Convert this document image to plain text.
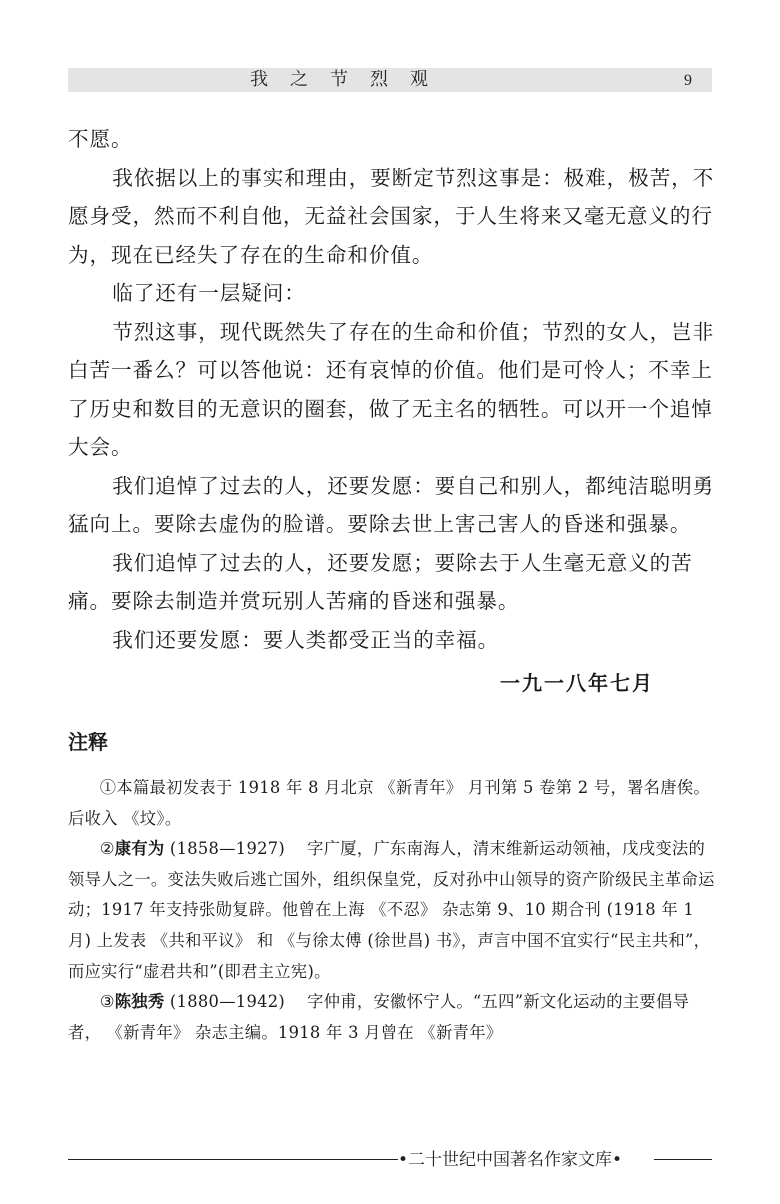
我之节烈观	9

不愿。

我依据以上的事实和理由，要断定节烈这事是：极难，极苦，不愿身受，然而不利自他，无益社会国家，于人生将来又毫无意义的行为，现在已经失了存在的生命和价值。

临了还有一层疑问：

节烈这事，现代既然失了存在的生命和价值；节烈的女人，岂非白苦一番么？可以答他说：还有哀悼的价值。他们是可怜人；不幸上了历史和数目的无意识的圈套，做了无主名的牺牲。可以开一个追悼大会。

我们追悼了过去的人，还要发愿：要自己和别人，都纯洁聪明勇猛向上。要除去虚伪的脸谱。要除去世上害己害人的昏迷和强暴。

我们追悼了过去的人，还要发愿；要除去于人生毫无意义的苦痛。要除去制造并赏玩别人苦痛的昏迷和强暴。

我们还要发愿：要人类都受正当的幸福。

一九一八年七月
注释

①本篇最初发表于 1918 年 8 月北京 《新青年》 月刊第 5 卷第 2 号，署名唐俟。后收入 《坟》。

②康有为 (1858—1927)　 字广厦，广东南海人，清末维新运动领袖，戊戌变法的领导人之一。变法失败后逃亡国外，组织保皇党，反对孙中山领导的资产阶级民主革命运动；1917 年支持张勋复辟。他曾在上海 《不忍》 杂志第 9、10 期合刊 (1918 年 1 月) 上发表 《共和平议》 和 《与徐太傅 (徐世昌) 书》，声言中国不宜实行“民主共和”，而应实行“虚君共和”(即君主立宪)。

③陈独秀 (1880—1942)　 字仲甫，安徽怀宁人。“五四”新文化运动的主要倡导者， 《新青年》 杂志主编。1918 年 3 月曾在 《新青年》

•二十世纪中国著名作家文库•
